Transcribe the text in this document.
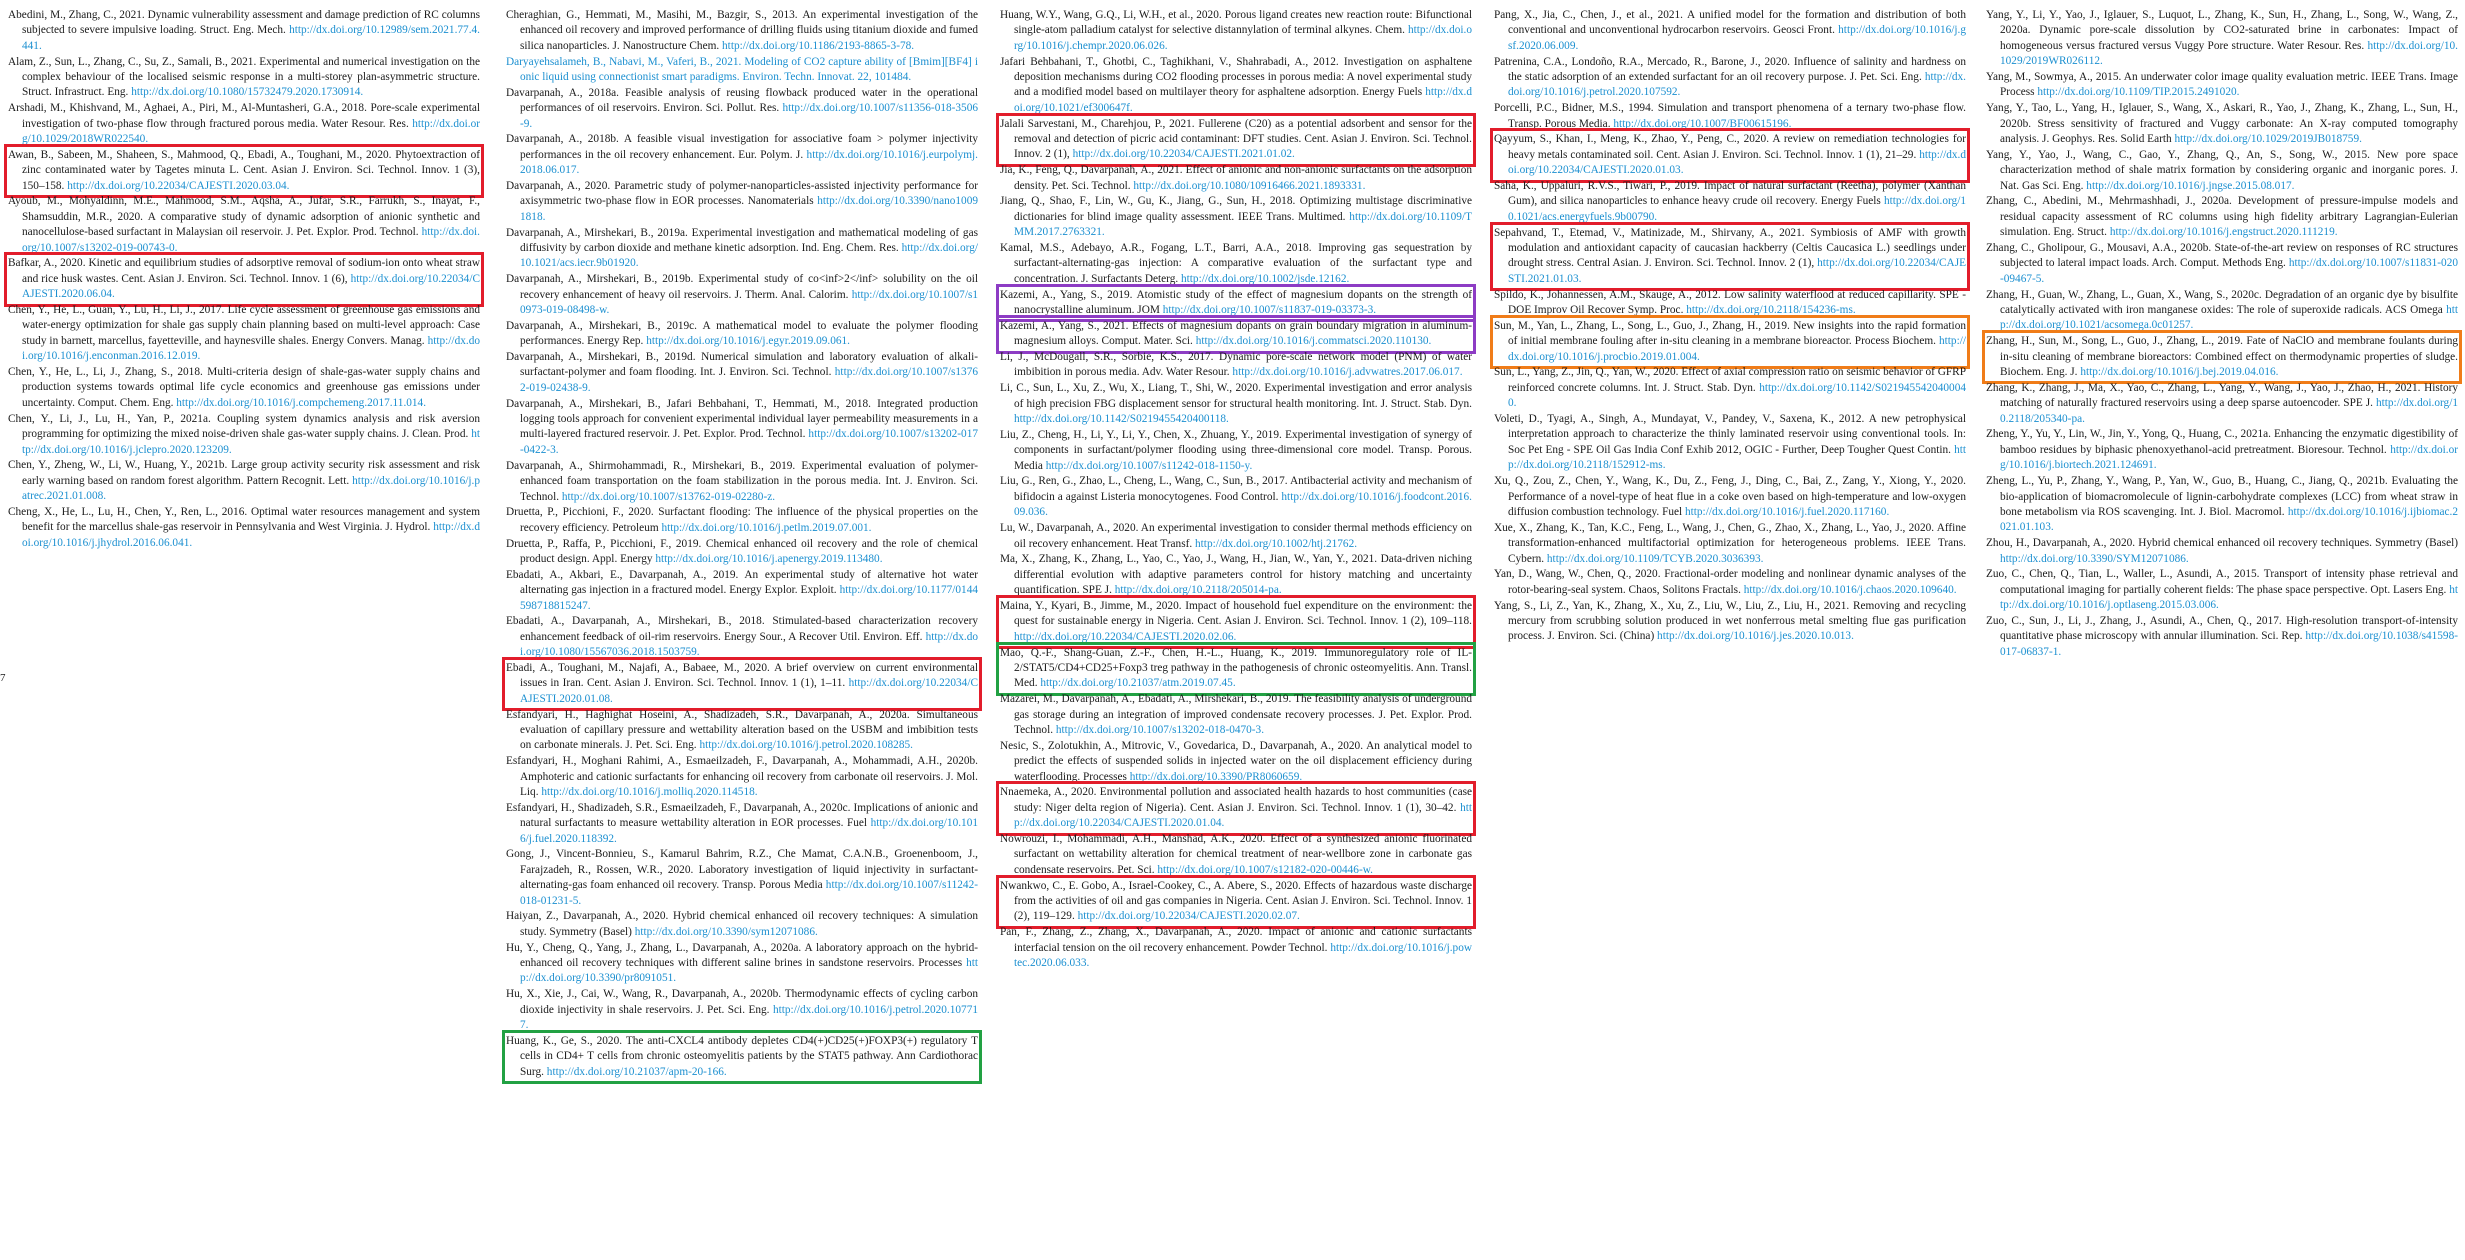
7
Abedini, M., Zhang, C., 2021. Dynamic vulnerability assessment and damage prediction of RC columns subjected to severe impulsive loading. Struct. Eng. Mech. http://dx.doi.org/10.12989/sem.2021.77.4.441.
Alam, Z., Sun, L., Zhang, C., Su, Z., Samali, B., 2021. Experimental and numerical investigation on the complex behaviour of the localised seismic response in a multi-storey plan-asymmetric structure. Struct. Infrastruct. Eng. http://dx.doi.org/10.1080/15732479.2020.1730914.
Arshadi, M., Khishvand, M., Aghaei, A., Piri, M., Al-Muntasheri, G.A., 2018. Pore-scale experimental investigation of two-phase flow through fractured porous media. Water Resour. Res. http://dx.doi.org/10.1029/2018WR022540.
Awan, B., Sabeen, M., Shaheen, S., Mahmood, Q., Ebadi, A., Toughani, M., 2020. Phytoextraction of zinc contaminated water by Tagetes minuta L. Cent. Asian J. Environ. Sci. Technol. Innov. 1 (3), 150–158. http://dx.doi.org/10.22034/CAJESTI.2020.03.04.
Ayoub, M., Mohyaldinn, M.E., Mahmood, S.M., Aqsha, A., Jufar, S.R., Farrukh, S., Inayat, F., Shamsuddin, M.R., 2020. A comparative study of dynamic adsorption of anionic synthetic and nanocellulose-based surfactant in Malaysian oil reservoir. J. Pet. Explor. Prod. Technol. http://dx.doi.org/10.1007/s13202-019-00743-0.
Bafkar, A., 2020. Kinetic and equilibrium studies of adsorptive removal of sodium-ion onto wheat straw and rice husk wastes. Cent. Asian J. Environ. Sci. Technol. Innov. 1 (6), http://dx.doi.org/10.22034/CAJESTI.2020.06.04.
Chen, Y., He, L., Guan, Y., Lu, H., Li, J., 2017. Life cycle assessment of greenhouse gas emissions and water-energy optimization for shale gas supply chain planning based on multi-level approach: Case study in barnett, marcellus, fayetteville, and haynesville shales. Energy Convers. Manag. http://dx.doi.org/10.1016/j.enconman.2016.12.019.
Chen, Y., He, L., Li, J., Zhang, S., 2018. Multi-criteria design of shale-gas-water supply chains and production systems towards optimal life cycle economics and greenhouse gas emissions under uncertainty. Comput. Chem. Eng. http://dx.doi.org/10.1016/j.compchemeng.2017.11.014.
Chen, Y., Li, J., Lu, H., Yan, P., 2021a. Coupling system dynamics analysis and risk aversion programming for optimizing the mixed noise-driven shale gas-water supply chains. J. Clean. Prod. http://dx.doi.org/10.1016/j.jclepro.2020.123209.
Chen, Y., Zheng, W., Li, W., Huang, Y., 2021b. Large group activity security risk assessment and risk early warning based on random forest algorithm. Pattern Recognit. Lett. http://dx.doi.org/10.1016/j.patrec.2021.01.008.
Cheng, X., He, L., Lu, H., Chen, Y., Ren, L., 2016. Optimal water resources management and system benefit for the marcellus shale-gas reservoir in Pennsylvania and West Virginia. J. Hydrol. http://dx.doi.org/10.1016/j.jhydrol.2016.06.041.
Cheraghian, G., Hemmati, M., Masihi, M., Bazgir, S., 2013. An experimental investigation of the enhanced oil recovery and improved performance of drilling fluids using titanium dioxide and fumed silica nanoparticles. J. Nanostructure Chem. http://dx.doi.org/10.1186/2193-8865-3-78.
Daryayehsalameh, B., Nabavi, M., Vaferi, B., 2021. Modeling of CO2 capture ability of [Bmim][BF4] ionic liquid using connectionist smart paradigms. Environ. Techn. Innovat. 22, 101484.
Davarpanah, A., 2018a. Feasible analysis of reusing flowback produced water in the operational performances of oil reservoirs. Environ. Sci. Pollut. Res. http://dx.doi.org/10.1007/s11356-018-3506-9.
Davarpanah, A., 2018b. A feasible visual investigation for associative foam > polymer injectivity performances in the oil recovery enhancement. Eur. Polym. J. http://dx.doi.org/10.1016/j.eurpolymj.2018.06.017.
Davarpanah, A., 2020. Parametric study of polymer-nanoparticles-assisted injectivity performance for axisymmetric two-phase flow in EOR processes. Nanomaterials http://dx.doi.org/10.3390/nano10091818.
Davarpanah, A., Mirshekari, B., 2019a. Experimental investigation and mathematical modeling of gas diffusivity by carbon dioxide and methane kinetic adsorption. Ind. Eng. Chem. Res. http://dx.doi.org/10.1021/acs.iecr.9b01920.
Davarpanah, A., Mirshekari, B., 2019b. Experimental study of co<inf>2</inf> solubility on the oil recovery enhancement of heavy oil reservoirs. J. Therm. Anal. Calorim. http://dx.doi.org/10.1007/s10973-019-08498-w.
Davarpanah, A., Mirshekari, B., 2019c. A mathematical model to evaluate the polymer flooding performances. Energy Rep. http://dx.doi.org/10.1016/j.egyr.2019.09.061.
Davarpanah, A., Mirshekari, B., 2019d. Numerical simulation and laboratory evaluation of alkali-surfactant-polymer and foam flooding. Int. J. Environ. Sci. Technol. http://dx.doi.org/10.1007/s13762-019-02438-9.
Davarpanah, A., Mirshekari, B., Jafari Behbahani, T., Hemmati, M., 2018. Integrated production logging tools approach for convenient experimental individual layer permeability measurements in a multi-layered fractured reservoir. J. Pet. Explor. Prod. Technol. http://dx.doi.org/10.1007/s13202-017-0422-3.
Davarpanah, A., Shirmohammadi, R., Mirshekari, B., 2019. Experimental evaluation of polymer-enhanced foam transportation on the foam stabilization in the porous media. Int. J. Environ. Sci. Technol. http://dx.doi.org/10.1007/s13762-019-02280-z.
Druetta, P., Picchioni, F., 2020. Surfactant flooding: The influence of the physical properties on the recovery efficiency. Petroleum http://dx.doi.org/10.1016/j.petlm.2019.07.001.
Druetta, P., Raffa, P., Picchioni, F., 2019. Chemical enhanced oil recovery and the role of chemical product design. Appl. Energy http://dx.doi.org/10.1016/j.apenergy.2019.113480.
Ebadati, A., Akbari, E., Davarpanah, A., 2019. An experimental study of alternative hot water alternating gas injection in a fractured model. Energy Explor. Exploit. http://dx.doi.org/10.1177/0144598718815247.
Ebadati, A., Davarpanah, A., Mirshekari, B., 2018. Stimulated-based characterization recovery enhancement feedback of oil-rim reservoirs. Energy Sour., A Recover Util. Environ. Eff. http://dx.doi.org/10.1080/15567036.2018.1503759.
Ebadi, A., Toughani, M., Najafi, A., Babaee, M., 2020. A brief overview on current environmental issues in Iran. Cent. Asian J. Environ. Sci. Technol. Innov. 1 (1), 1–11. http://dx.doi.org/10.22034/CAJESTI.2020.01.08.
Esfandyari, H., Haghighat Hoseini, A., Shadizadeh, S.R., Davarpanah, A., 2020a. Simultaneous evaluation of capillary pressure and wettability alteration based on the USBM and imbibition tests on carbonate minerals. J. Pet. Sci. Eng. http://dx.doi.org/10.1016/j.petrol.2020.108285.
Esfandyari, H., Moghani Rahimi, A., Esmaeilzadeh, F., Davarpanah, A., Mohammadi, A.H., 2020b. Amphoteric and cationic surfactants for enhancing oil recovery from carbonate oil reservoirs. J. Mol. Liq. http://dx.doi.org/10.1016/j.molliq.2020.114518.
Esfandyari, H., Shadizadeh, S.R., Esmaeilzadeh, F., Davarpanah, A., 2020c. Implications of anionic and natural surfactants to measure wettability alteration in EOR processes. Fuel http://dx.doi.org/10.1016/j.fuel.2020.118392.
Gong, J., Vincent-Bonnieu, S., Kamarul Bahrim, R.Z., Che Mamat, C.A.N.B., Groenenboom, J., Farajzadeh, R., Rossen, W.R., 2020. Laboratory investigation of liquid injectivity in surfactant-alternating-gas foam enhanced oil recovery. Transp. Porous Media http://dx.doi.org/10.1007/s11242-018-01231-5.
Haiyan, Z., Davarpanah, A., 2020. Hybrid chemical enhanced oil recovery techniques: A simulation study. Symmetry (Basel) http://dx.doi.org/10.3390/sym12071086.
Hu, Y., Cheng, Q., Yang, J., Zhang, L., Davarpanah, A., 2020a. A laboratory approach on the hybrid-enhanced oil recovery techniques with different saline brines in sandstone reservoirs. Processes http://dx.doi.org/10.3390/pr8091051.
Hu, X., Xie, J., Cai, W., Wang, R., Davarpanah, A., 2020b. Thermodynamic effects of cycling carbon dioxide injectivity in shale reservoirs. J. Pet. Sci. Eng. http://dx.doi.org/10.1016/j.petrol.2020.107717.
Huang, K., Ge, S., 2020. The anti-CXCL4 antibody depletes CD4(+)CD25(+)FOXP3(+) regulatory T cells in CD4+ T cells from chronic osteomyelitis patients by the STAT5 pathway. Ann Cardiothorac Surg. http://dx.doi.org/10.21037/apm-20-166.
Huang, W.Y., Wang, G.Q., Li, W.H., et al., 2020. Porous ligand creates new reaction route: Bifunctional single-atom palladium catalyst for selective distannylation of terminal alkynes. Chem. http://dx.doi.org/10.1016/j.chempr.2020.06.026.
Jafari Behbahani, T., Ghotbi, C., Taghikhani, V., Shahrabadi, A., 2012. Investigation on asphaltene deposition mechanisms during CO2 flooding processes in porous media: A novel experimental study and a modified model based on multilayer theory for asphaltene adsorption. Energy Fuels http://dx.doi.org/10.1021/ef300647f.
Jalali Sarvestani, M., Charehjou, P., 2021. Fullerene (C20) as a potential adsorbent and sensor for the removal and detection of picric acid contaminant: DFT studies. Cent. Asian J. Environ. Sci. Technol. Innov. 2 (1), http://dx.doi.org/10.22034/CAJESTI.2021.01.02.
Jia, K., Feng, Q., Davarpanah, A., 2021. Effect of anionic and non-anionic surfactants on the adsorption density. Pet. Sci. Technol. http://dx.doi.org/10.1080/10916466.2021.1893331.
Jiang, Q., Shao, F., Lin, W., Gu, K., Jiang, G., Sun, H., 2018. Optimizing multistage discriminative dictionaries for blind image quality assessment. IEEE Trans. Multimed. http://dx.doi.org/10.1109/TMM.2017.2763321.
Kamal, M.S., Adebayo, A.R., Fogang, L.T., Barri, A.A., 2018. Improving gas sequestration by surfactant-alternating-gas injection: A comparative evaluation of the surfactant type and concentration. J. Surfactants Deterg. http://dx.doi.org/10.1002/jsde.12162.
Kazemi, A., Yang, S., 2019. Atomistic study of the effect of magnesium dopants on the strength of nanocrystalline aluminum. JOM http://dx.doi.org/10.1007/s11837-019-03373-3.
Kazemi, A., Yang, S., 2021. Effects of magnesium dopants on grain boundary migration in aluminum-magnesium alloys. Comput. Mater. Sci. http://dx.doi.org/10.1016/j.commatsci.2020.110130.
Li, J., McDougall, S.R., Sorbie, K.S., 2017. Dynamic pore-scale network model (PNM) of water imbibition in porous media. Adv. Water Resour. http://dx.doi.org/10.1016/j.advwatres.2017.06.017.
Li, C., Sun, L., Xu, Z., Wu, X., Liang, T., Shi, W., 2020. Experimental investigation and error analysis of high precision FBG displacement sensor for structural health monitoring. Int. J. Struct. Stab. Dyn. http://dx.doi.org/10.1142/S0219455420400118.
Liu, Z., Cheng, H., Li, Y., Li, Y., Chen, X., Zhuang, Y., 2019. Experimental investigation of synergy of components in surfactant/polymer flooding using three-dimensional core model. Transp. Porous. Media http://dx.doi.org/10.1007/s11242-018-1150-y.
Liu, G., Ren, G., Zhao, L., Cheng, L., Wang, C., Sun, B., 2017. Antibacterial activity and mechanism of bifidocin a against Listeria monocytogenes. Food Control. http://dx.doi.org/10.1016/j.foodcont.2016.09.036.
Lu, W., Davarpanah, A., 2020. An experimental investigation to consider thermal methods efficiency on oil recovery enhancement. Heat Transf. http://dx.doi.org/10.1002/htj.21762.
Ma, X., Zhang, K., Zhang, L., Yao, C., Yao, J., Wang, H., Jian, W., Yan, Y., 2021. Data-driven niching differential evolution with adaptive parameters control for history matching and uncertainty quantification. SPE J. http://dx.doi.org/10.2118/205014-pa.
Maina, Y., Kyari, B., Jimme, M., 2020. Impact of household fuel expenditure on the environment: the quest for sustainable energy in Nigeria. Cent. Asian J. Environ. Sci. Technol. Innov. 1 (2), 109–118. http://dx.doi.org/10.22034/CAJESTI.2020.02.06.
Mao, Q.-F., Shang-Guan, Z.-F., Chen, H.-L., Huang, K., 2019. Immunoregulatory role of IL-2/STAT5/CD4+CD25+Foxp3 treg pathway in the pathogenesis of chronic osteomyelitis. Ann. Transl. Med. http://dx.doi.org/10.21037/atm.2019.07.45.
Mazarei, M., Davarpanah, A., Ebadati, A., Mirshekari, B., 2019. The feasibility analysis of underground gas storage during an integration of improved condensate recovery processes. J. Pet. Explor. Prod. Technol. http://dx.doi.org/10.1007/s13202-018-0470-3.
Nesic, S., Zolotukhin, A., Mitrovic, V., Govedarica, D., Davarpanah, A., 2020. An analytical model to predict the effects of suspended solids in injected water on the oil displacement efficiency during waterflooding. Processes http://dx.doi.org/10.3390/PR8060659.
Nnaemeka, A., 2020. Environmental pollution and associated health hazards to host communities (case study: Niger delta region of Nigeria). Cent. Asian J. Environ. Sci. Technol. Innov. 1 (1), 30–42. http://dx.doi.org/10.22034/CAJESTI.2020.01.04.
Nowrouzi, I., Mohammadi, A.H., Manshad, A.K., 2020. Effect of a synthesized anionic fluorinated surfactant on wettability alteration for chemical treatment of near-wellbore zone in carbonate gas condensate reservoirs. Pet. Sci. http://dx.doi.org/10.1007/s12182-020-00446-w.
Nwankwo, C., E. Gobo, A., Israel-Cookey, C., A. Abere, S., 2020. Effects of hazardous waste discharge from the activities of oil and gas companies in Nigeria. Cent. Asian J. Environ. Sci. Technol. Innov. 1 (2), 119–129. http://dx.doi.org/10.22034/CAJESTI.2020.02.07.
Pan, F., Zhang, Z., Zhang, X., Davarpanah, A., 2020. Impact of anionic and cationic surfactants interfacial tension on the oil recovery enhancement. Powder Technol. http://dx.doi.org/10.1016/j.powtec.2020.06.033.
Pang, X., Jia, C., Chen, J., et al., 2021. A unified model for the formation and distribution of both conventional and unconventional hydrocarbon reservoirs. Geosci Front. http://dx.doi.org/10.1016/j.gsf.2020.06.009.
Patrenina, C.A., Londoño, R.A., Mercado, R., Barone, J., 2020. Influence of salinity and hardness on the static adsorption of an extended surfactant for an oil recovery purpose. J. Pet. Sci. Eng. http://dx.doi.org/10.1016/j.petrol.2020.107592.
Porcelli, P.C., Bidner, M.S., 1994. Simulation and transport phenomena of a ternary two-phase flow. Transp. Porous Media. http://dx.doi.org/10.1007/BF00615196.
Qayyum, S., Khan, I., Meng, K., Zhao, Y., Peng, C., 2020. A review on remediation technologies for heavy metals contaminated soil. Cent. Asian J. Environ. Sci. Technol. Innov. 1 (1), 21–29. http://dx.doi.org/10.22034/CAJESTI.2020.01.03.
Saha, K., Uppaluri, R.V.S., Tiwari, P., 2019. Impact of natural surfactant (Reetha), polymer (Xanthan Gum), and silica nanoparticles to enhance heavy crude oil recovery. Energy Fuels http://dx.doi.org/10.1021/acs.energyfuels.9b00790.
Sepahvand, T., Etemad, V., Matinizade, M., Shirvany, A., 2021. Symbiosis of AMF with growth modulation and antioxidant capacity of caucasian hackberry (Celtis Caucasica L.) seedlings under drought stress. Central Asian. J. Environ. Sci. Technol. Innov. 2 (1), http://dx.doi.org/10.22034/CAJESTI.2021.01.03.
Spildo, K., Johannessen, A.M., Skauge, A., 2012. Low salinity waterflood at reduced capillarity. SPE - DOE Improv Oil Recover Symp. Proc. http://dx.doi.org/10.2118/154236-ms.
Sun, M., Yan, L., Zhang, L., Song, L., Guo, J., Zhang, H., 2019. New insights into the rapid formation of initial membrane fouling after in-situ cleaning in a membrane bioreactor. Process Biochem. http://dx.doi.org/10.1016/j.procbio.2019.01.004.
Sun, L., Yang, Z., Jin, Q., Yan, W., 2020. Effect of axial compression ratio on seismic behavior of GFRP reinforced concrete columns. Int. J. Struct. Stab. Dyn. http://dx.doi.org/10.1142/S0219455420400040.
Voleti, D., Tyagi, A., Singh, A., Mundayat, V., Pandey, V., Saxena, K., 2012. A new petrophysical interpretation approach to characterize the thinly laminated reservoir using conventional tools. In: Soc Pet Eng - SPE Oil Gas India Conf Exhib 2012, OGIC - Further, Deep Tougher Quest Contin. http://dx.doi.org/10.2118/152912-ms.
Xu, Q., Zou, Z., Chen, Y., Wang, K., Du, Z., Feng, J., Ding, C., Bai, Z., Zang, Y., Xiong, Y., 2020. Performance of a novel-type of heat flue in a coke oven based on high-temperature and low-oxygen diffusion combustion technology. Fuel http://dx.doi.org/10.1016/j.fuel.2020.117160.
Xue, X., Zhang, K., Tan, K.C., Feng, L., Wang, J., Chen, G., Zhao, X., Zhang, L., Yao, J., 2020. Affine transformation-enhanced multifactorial optimization for heterogeneous problems. IEEE Trans. Cybern. http://dx.doi.org/10.1109/TCYB.2020.3036393.
Yan, D., Wang, W., Chen, Q., 2020. Fractional-order modeling and nonlinear dynamic analyses of the rotor-bearing-seal system. Chaos, Solitons Fractals. http://dx.doi.org/10.1016/j.chaos.2020.109640.
Yang, S., Li, Z., Yan, K., Zhang, X., Xu, Z., Liu, W., Liu, Z., Liu, H., 2021. Removing and recycling mercury from scrubbing solution produced in wet nonferrous metal smelting flue gas purification process. J. Environ. Sci. (China) http://dx.doi.org/10.1016/j.jes.2020.10.013.
Yang, Y., Li, Y., Yao, J., Iglauer, S., Luquot, L., Zhang, K., Sun, H., Zhang, L., Song, W., Wang, Z., 2020a. Dynamic pore-scale dissolution by CO2-saturated brine in carbonates: Impact of homogeneous versus fractured versus Vuggy Pore structure. Water Resour. Res. http://dx.doi.org/10.1029/2019WR026112.
Yang, M., Sowmya, A., 2015. An underwater color image quality evaluation metric. IEEE Trans. Image Process http://dx.doi.org/10.1109/TIP.2015.2491020.
Yang, Y., Tao, L., Yang, H., Iglauer, S., Wang, X., Askari, R., Yao, J., Zhang, K., Zhang, L., Sun, H., 2020b. Stress sensitivity of fractured and Vuggy carbonate: An X-ray computed tomography analysis. J. Geophys. Res. Solid Earth http://dx.doi.org/10.1029/2019JB018759.
Yang, Y., Yao, J., Wang, C., Gao, Y., Zhang, Q., An, S., Song, W., 2015. New pore space characterization method of shale matrix formation by considering organic and inorganic pores. J. Nat. Gas Sci. Eng. http://dx.doi.org/10.1016/j.jngse.2015.08.017.
Zhang, C., Abedini, M., Mehrmashhadi, J., 2020a. Development of pressure-impulse models and residual capacity assessment of RC columns using high fidelity arbitrary Lagrangian-Eulerian simulation. Eng. Struct. http://dx.doi.org/10.1016/j.engstruct.2020.111219.
Zhang, C., Gholipour, G., Mousavi, A.A., 2020b. State-of-the-art review on responses of RC structures subjected to lateral impact loads. Arch. Comput. Methods Eng. http://dx.doi.org/10.1007/s11831-020-09467-5.
Zhang, H., Guan, W., Zhang, L., Guan, X., Wang, S., 2020c. Degradation of an organic dye by bisulfite catalytically activated with iron manganese oxides: The role of superoxide radicals. ACS Omega http://dx.doi.org/10.1021/acsomega.0c01257.
Zhang, H., Sun, M., Song, L., Guo, J., Zhang, L., 2019. Fate of NaClO and membrane foulants during in-situ cleaning of membrane bioreactors: Combined effect on thermodynamic properties of sludge. Biochem. Eng. J. http://dx.doi.org/10.1016/j.bej.2019.04.016.
Zhang, K., Zhang, J., Ma, X., Yao, C., Zhang, L., Yang, Y., Wang, J., Yao, J., Zhao, H., 2021. History matching of naturally fractured reservoirs using a deep sparse autoencoder. SPE J. http://dx.doi.org/10.2118/205340-pa.
Zheng, Y., Yu, Y., Lin, W., Jin, Y., Yong, Q., Huang, C., 2021a. Enhancing the enzymatic digestibility of bamboo residues by biphasic phenoxyethanol-acid pretreatment. Bioresour. Technol. http://dx.doi.org/10.1016/j.biortech.2021.124691.
Zheng, L., Yu, P., Zhang, Y., Wang, P., Yan, W., Guo, B., Huang, C., Jiang, Q., 2021b. Evaluating the bio-application of biomacromolecule of lignin-carbohydrate complexes (LCC) from wheat straw in bone metabolism via ROS scavenging. Int. J. Biol. Macromol. http://dx.doi.org/10.1016/j.ijbiomac.2021.01.103.
Zhou, H., Davarpanah, A., 2020. Hybrid chemical enhanced oil recovery techniques. Symmetry (Basel) http://dx.doi.org/10.3390/SYM12071086.
Zuo, C., Chen, Q., Tian, L., Waller, L., Asundi, A., 2015. Transport of intensity phase retrieval and computational imaging for partially coherent fields: The phase space perspective. Opt. Lasers Eng. http://dx.doi.org/10.1016/j.optlaseng.2015.03.006.
Zuo, C., Sun, J., Li, J., Zhang, J., Asundi, A., Chen, Q., 2017. High-resolution transport-of-intensity quantitative phase microscopy with annular illumination. Sci. Rep. http://dx.doi.org/10.1038/s41598-017-06837-1.
